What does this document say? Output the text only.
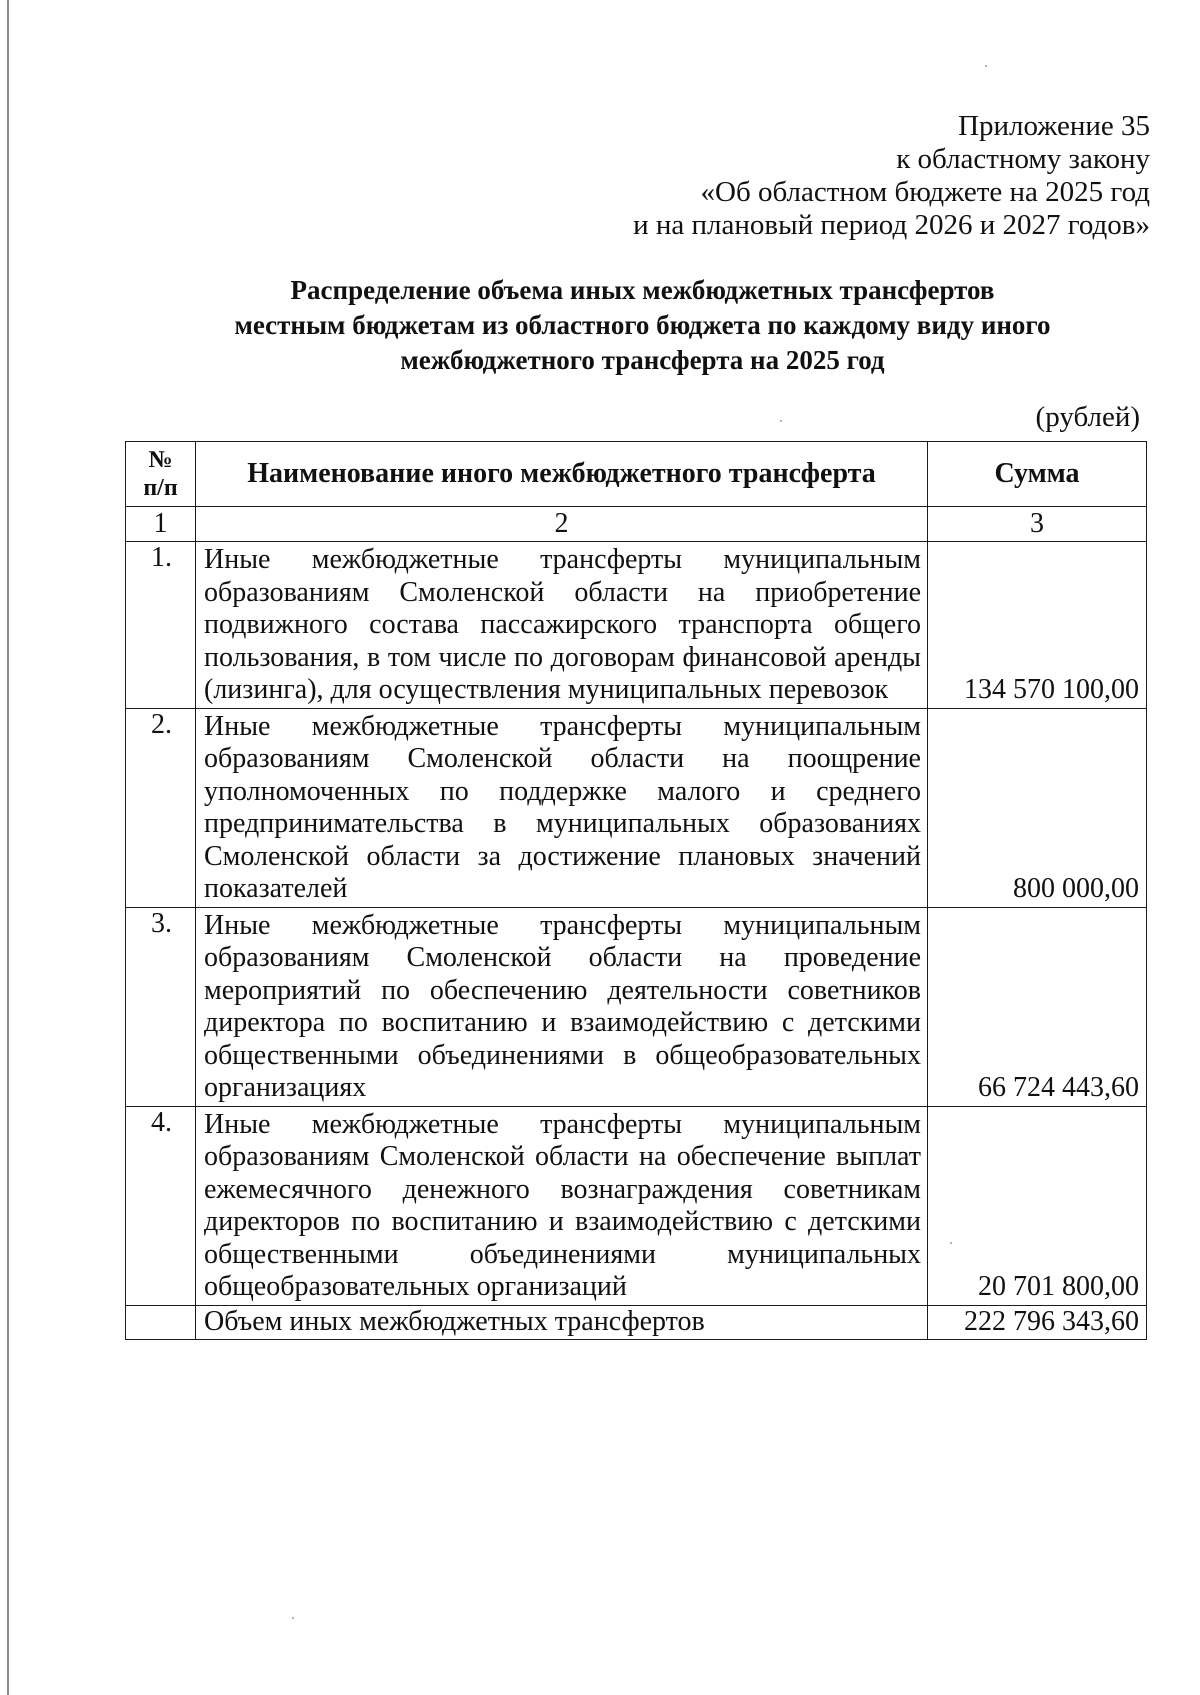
Приложение 35
к областному закону
«Об областном бюджете на 2025 год
и на плановый период 2026 и 2027 годов»
Распределение объема иных межбюджетных трансфертов
местным бюджетам из областного бюджета по каждому виду иного
межбюджетного трансферта на 2025 год
(рублей)
№
п/п	Наименование иного межбюджетного трансферта	Сумма
1	2	3
1.	Иные межбюджетные трансферты муниципальным образованиям Смоленской области на приобретение подвижного состава пассажирского транспорта общего пользования, в том числе по договорам финансовой аренды (лизинга), для осуществления муниципальных перевозок	134 570 100,00
2.	Иные межбюджетные трансферты муниципальным образованиям Смоленской области на поощрение уполномоченных по поддержке малого и среднего предпринимательства в муниципальных образованиях Смоленской области за достижение плановых значений показателей	800 000,00
3.	Иные межбюджетные трансферты муниципальным образованиям Смоленской области на проведение мероприятий по обеспечению деятельности советников директора по воспитанию и взаимодействию с детскими общественными объединениями в общеобразовательных организациях	66 724 443,60
4.	Иные межбюджетные трансферты муниципальным образованиям Смоленской области на обеспечение выплат ежемесячного денежного вознаграждения советникам директоров по воспитанию и взаимодействию с детскими общественными объединениями муниципальных общеобразовательных организаций	20 701 800,00
	Объем иных межбюджетных трансфертов	222 796 343,60
